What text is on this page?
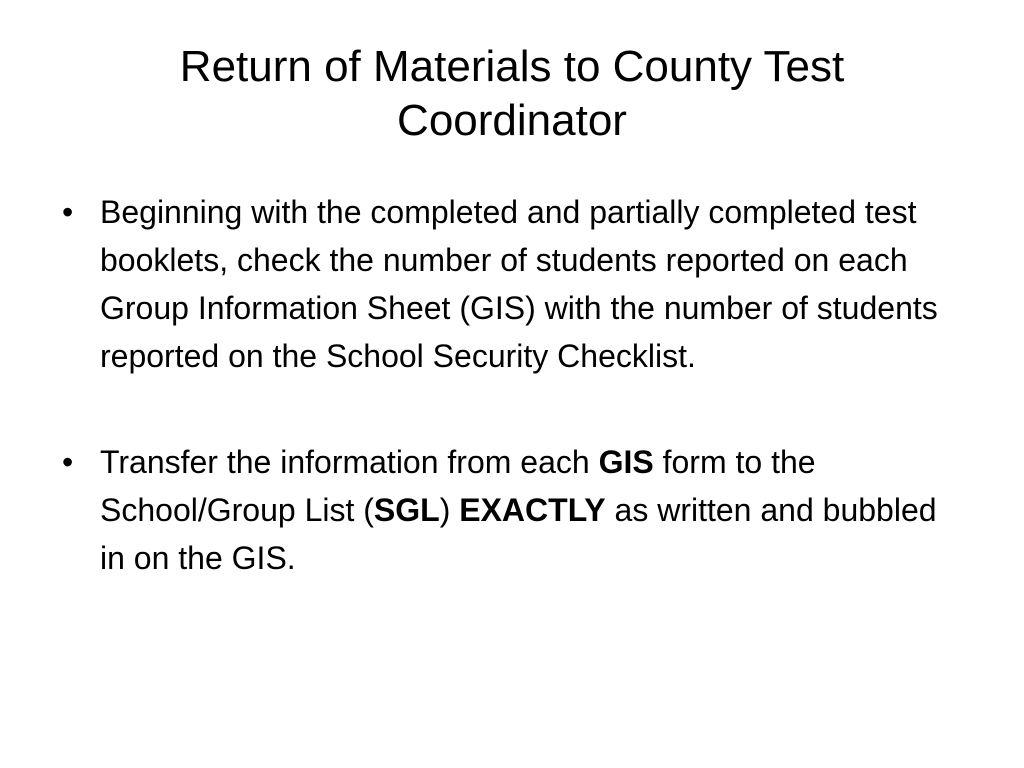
Return of Materials to County Test Coordinator
• Beginning with the completed and partially completed test booklets, check the number of students reported on each Group Information Sheet (GIS) with the number of students reported on the School Security Checklist.
• Transfer the information from each GIS form to the School/Group List (SGL) EXACTLY as written and bubbled in on the GIS.
